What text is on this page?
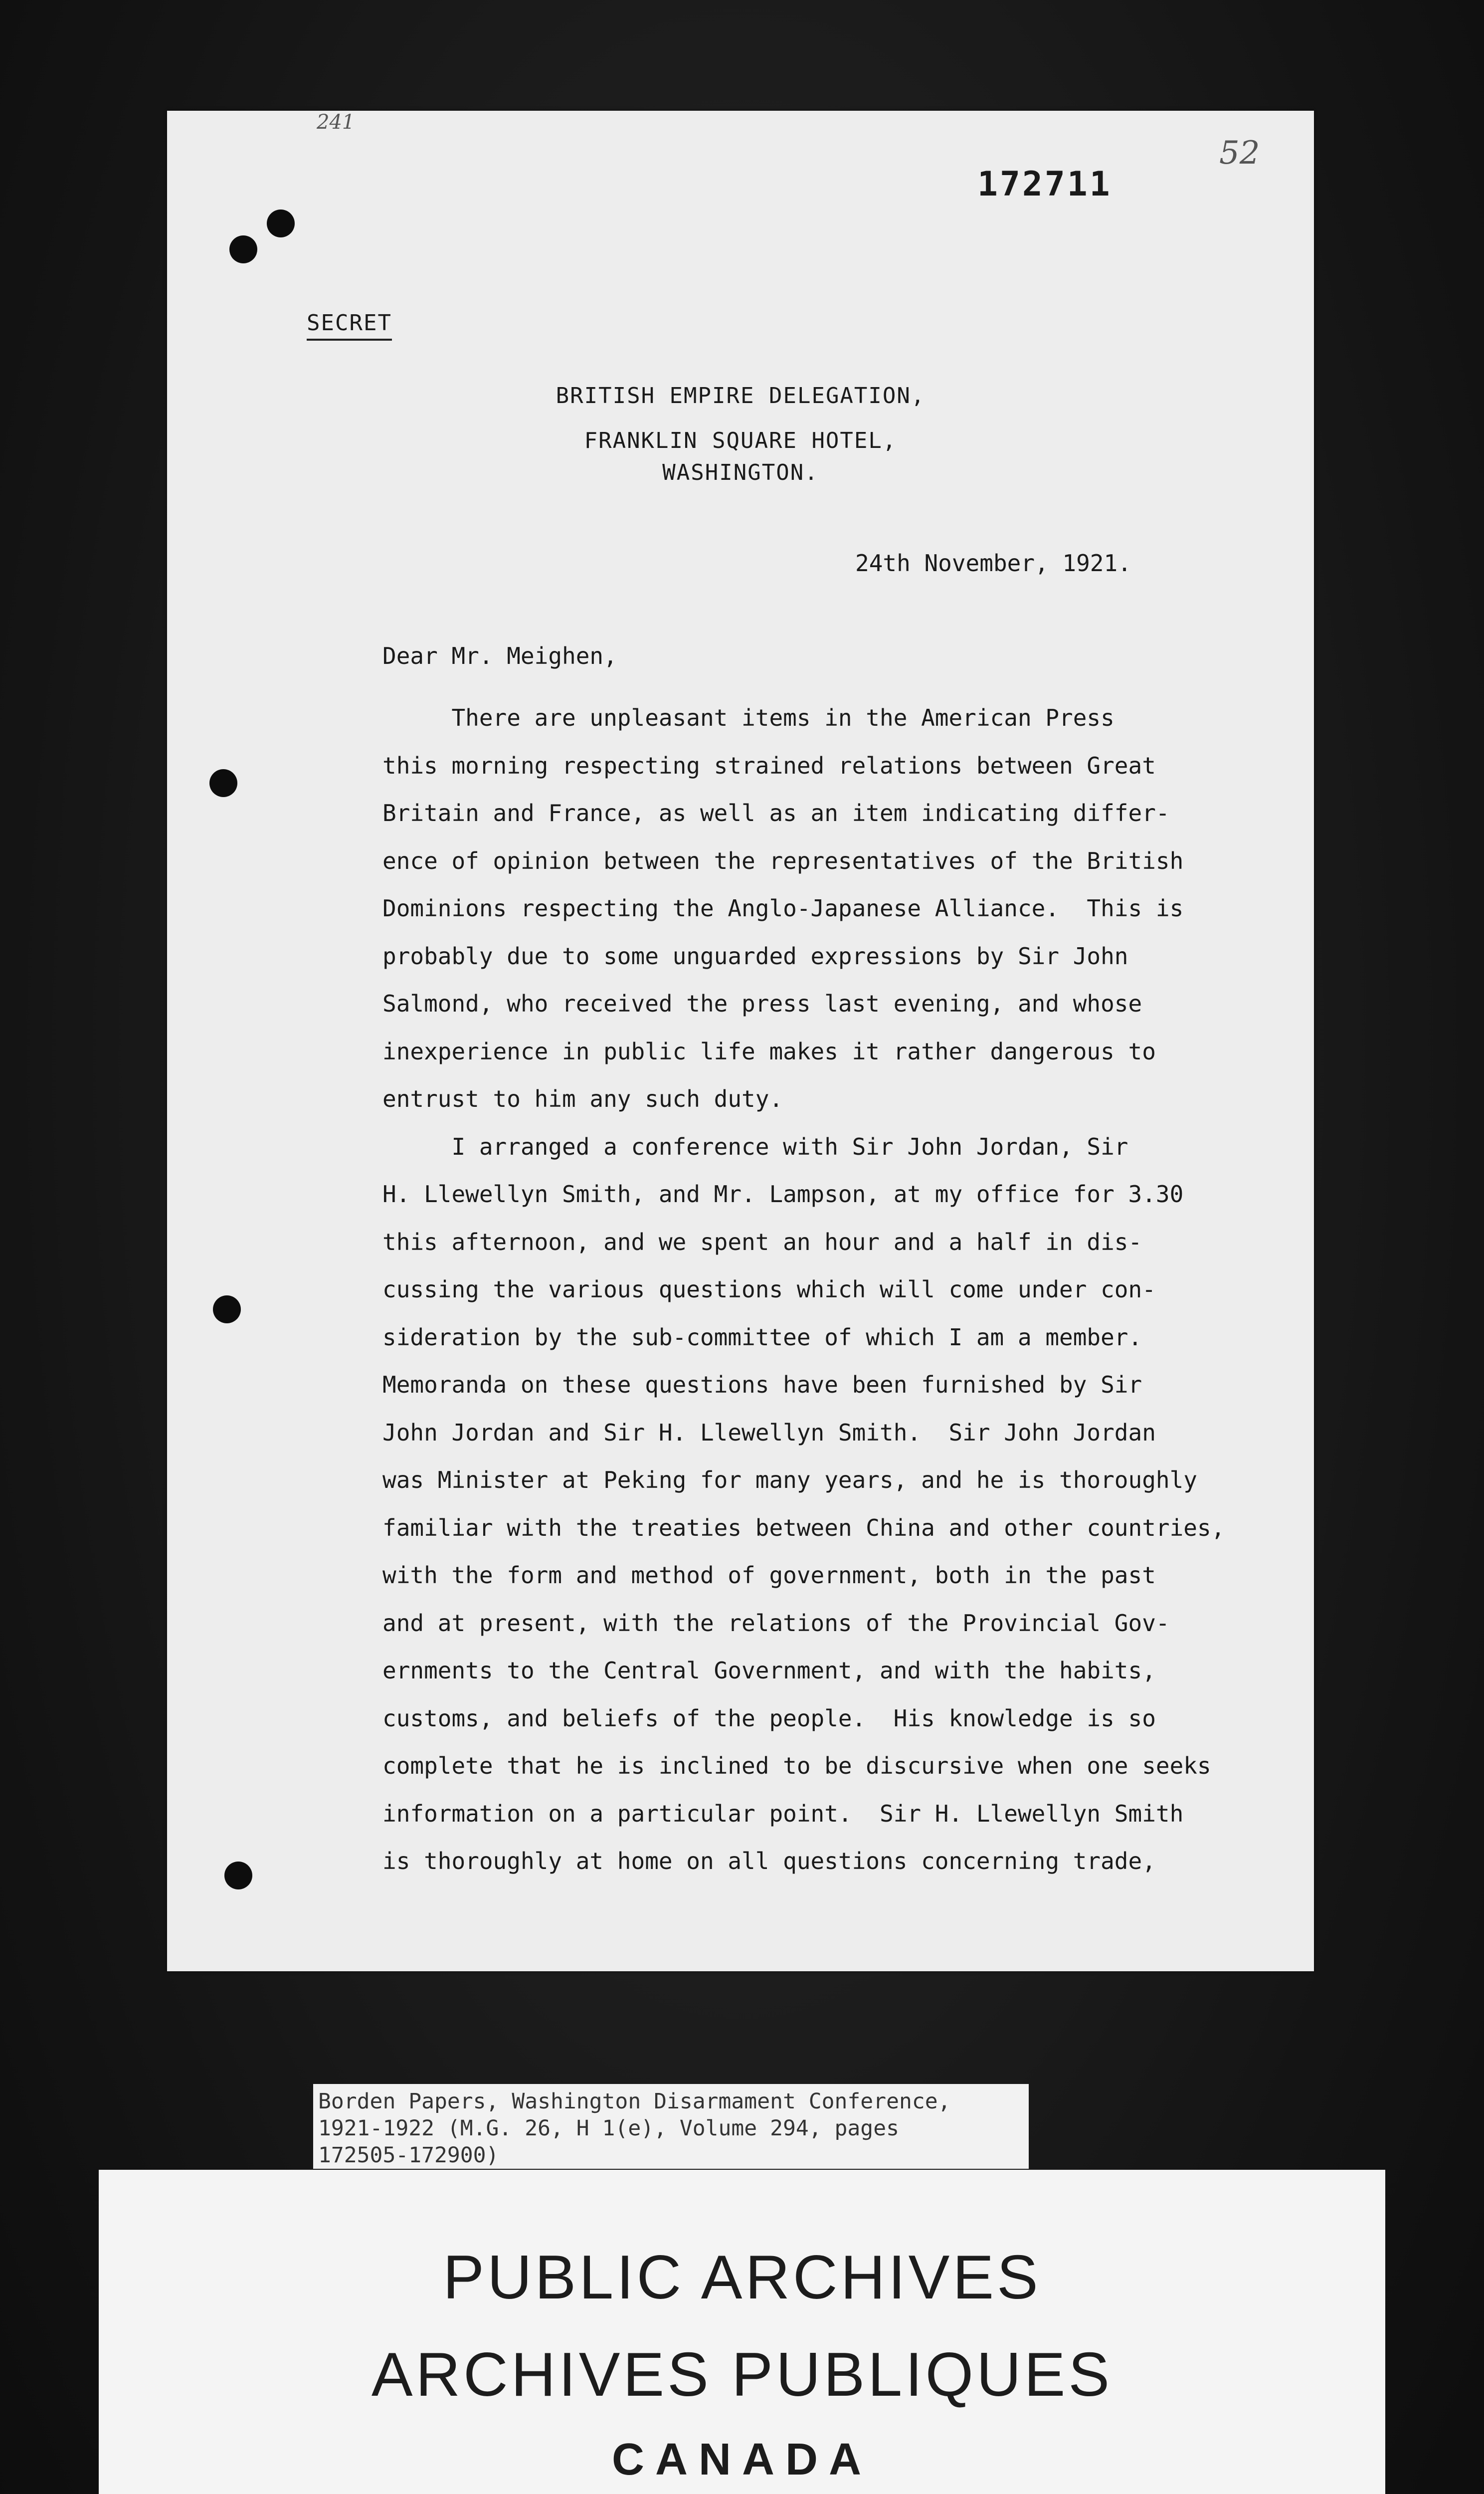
241
52
172711
SECRET
BRITISH EMPIRE DELEGATION,
FRANKLIN SQUARE HOTEL,
WASHINGTON.
24th November, 1921.
Dear Mr. Meighen,
There are unpleasant items in the American Press
this morning respecting strained relations between Great
Britain and France, as well as an item indicating differ-
ence of opinion between the representatives of the British
Dominions respecting the Anglo-Japanese Alliance.  This is
probably due to some unguarded expressions by Sir John
Salmond, who received the press last evening, and whose
inexperience in public life makes it rather dangerous to
entrust to him any such duty.
I arranged a conference with Sir John Jordan, Sir
H. Llewellyn Smith, and Mr. Lampson, at my office for 3.30
this afternoon, and we spent an hour and a half in dis-
cussing the various questions which will come under con-
sideration by the sub-committee of which I am a member.
Memoranda on these questions have been furnished by Sir
John Jordan and Sir H. Llewellyn Smith.  Sir John Jordan
was Minister at Peking for many years, and he is thoroughly
familiar with the treaties between China and other countries,
with the form and method of government, both in the past
and at present, with the relations of the Provincial Gov-
ernments to the Central Government, and with the habits,
customs, and beliefs of the people.  His knowledge is so
complete that he is inclined to be discursive when one seeks
information on a particular point.  Sir H. Llewellyn Smith
is thoroughly at home on all questions concerning trade,
Borden Papers, Washington Disarmament Conference,
1921-1922 (M.G. 26, H 1(e), Volume 294, pages
172505-172900)
PUBLIC ARCHIVES
ARCHIVES PUBLIQUES
CANADA
